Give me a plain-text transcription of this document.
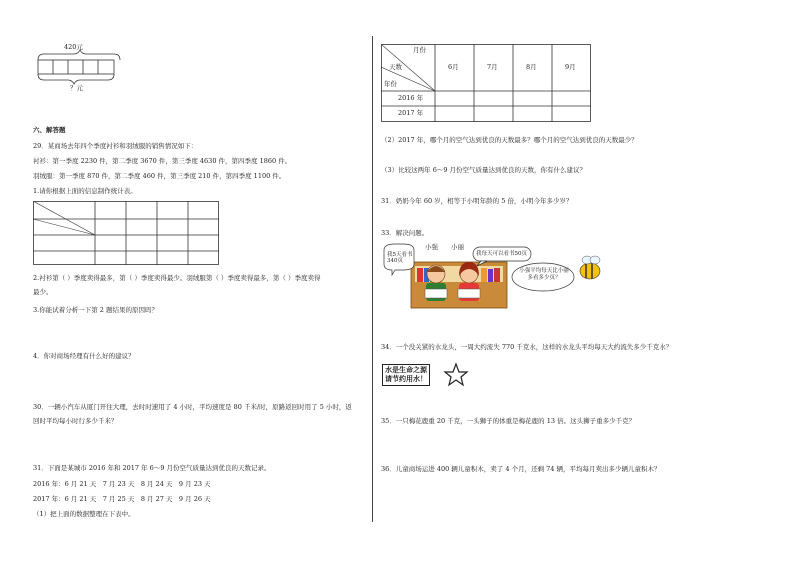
420元
？元
六、解答题
29．某商场去年四个季度衬衫和羽绒服的销售情况如下：
衬衫：第一季度 2230 件，第二季度 3670 件，第三季度 4630 件，第四季度 1860 件。
羽绒服：第一季度 870 件，第二季度 460 件，第三季度 210 件，第四季度 1100 件。
1.请你根据上面的信息制作统计表。
2.衬衫第（ ）季度卖得最多，第（ ）季度卖得最少。羽绒服第（ ）季度卖得最多，第（ ）季度卖得
最少。
3.你能试着分析一下第 2 题结果的原因吗？
4．你对商场经理有什么好的建议？
30．一辆小汽车从厦门开往大理，去时时速用了 4 小时，平均速度是 80 千米/时，原路返回时用了 5 小时，返
回时平均每小时行多少千米？
31．下面是某城市 2016 年和 2017 年 6～9 月份空气质量达到优良的天数记录。
2016 年：6 月 21 天　7 月 23 天　8 月 24 天　9 月 23 天
2017 年：6 月 21 天　7 月 25 天　8 月 27 天　9 月 26 天
（1）把上面的数据整理在下表中。
月份
天数
年份
6月	7月	8月	9月
2016 年
2017 年
（2）2017 年，哪个月的空气达到优良的天数最多？哪个月的空气达到优良的天数最少？
（3）比较这两年 6～9 月份空气质量达到优良的天数，你有什么建议？
31．奶奶今年 60 岁，相等于小明年龄的 5 倍，小明今年多少岁？
33．解决问题。
小强 小丽
我5天看书340页
我每天可以看书50页
小强平均每天比小丽多看多少页？
34．一个没关紧的水龙头，一周大约流失 770 千克水，这样的水龙头平均每天大约流失多少千克水？
水是生命之源
请节约用水！
35．一只梅花鹿重 20 千克，一头狮子的体重是梅花鹿的 13 倍。这头狮子重多少千克？
36．儿童商场运进 400 辆儿童积木，卖了 4 个月，还剩 74 辆，平均每月卖出多少辆儿童积木？
